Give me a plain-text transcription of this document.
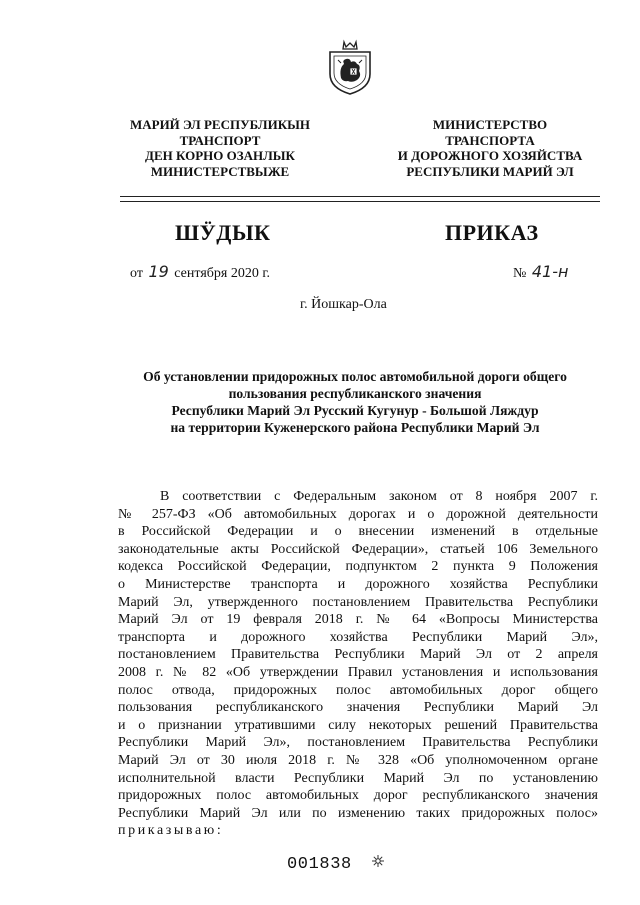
МАРИЙ ЭЛ РЕСПУБЛИКЫН
ТРАНСПОРТ
ДЕН КОРНО ОЗАНЛЫК
МИНИСТЕРСТВЫЖЕ
МИНИСТЕРСТВО
ТРАНСПОРТА
И ДОРОЖНОГО ХОЗЯЙСТВА
РЕСПУБЛИКИ МАРИЙ ЭЛ
ШӰДЫК	ПРИКАЗ
от 19 сентября 2020 г.	№ 41-н
г. Йошкар-Ола
Об установлении придорожных полос автомобильной дороги общего
пользования республиканского значения
Республики Марий Эл Русский Кугунур - Большой Ляждур
на территории Куженерского района Республики Марий Эл
В соответствии с Федеральным законом от 8 ноября 2007 г.
№ 257-ФЗ «Об автомобильных дорогах и о дорожной деятельности
в Российской Федерации и о внесении изменений в отдельные
законодательные акты Российской Федерации», статьей 106 Земельного
кодекса Российской Федерации, подпунктом 2 пункта 9 Положения
о Министерстве транспорта и дорожного хозяйства Республики
Марий Эл, утвержденного постановлением Правительства Республики
Марий Эл от 19 февраля 2018 г. № 64 «Вопросы Министерства
транспорта и дорожного хозяйства Республики Марий Эл»,
постановлением Правительства Республики Марий Эл от 2 апреля
2008 г. № 82 «Об утверждении Правил установления и использования
полос отвода, придорожных полос автомобильных дорог общего
пользования республиканского значения Республики Марий Эл
и о признании утратившими силу некоторых решений Правительства
Республики Марий Эл», постановлением Правительства Республики
Марий Эл от 30 июля 2018 г. № 328 «Об уполномоченном органе
исполнительной власти Республики Марий Эл по установлению
придорожных полос автомобильных дорог республиканского значения
Республики Марий Эл или по изменению таких придорожных полос»
приказываю:
001838
